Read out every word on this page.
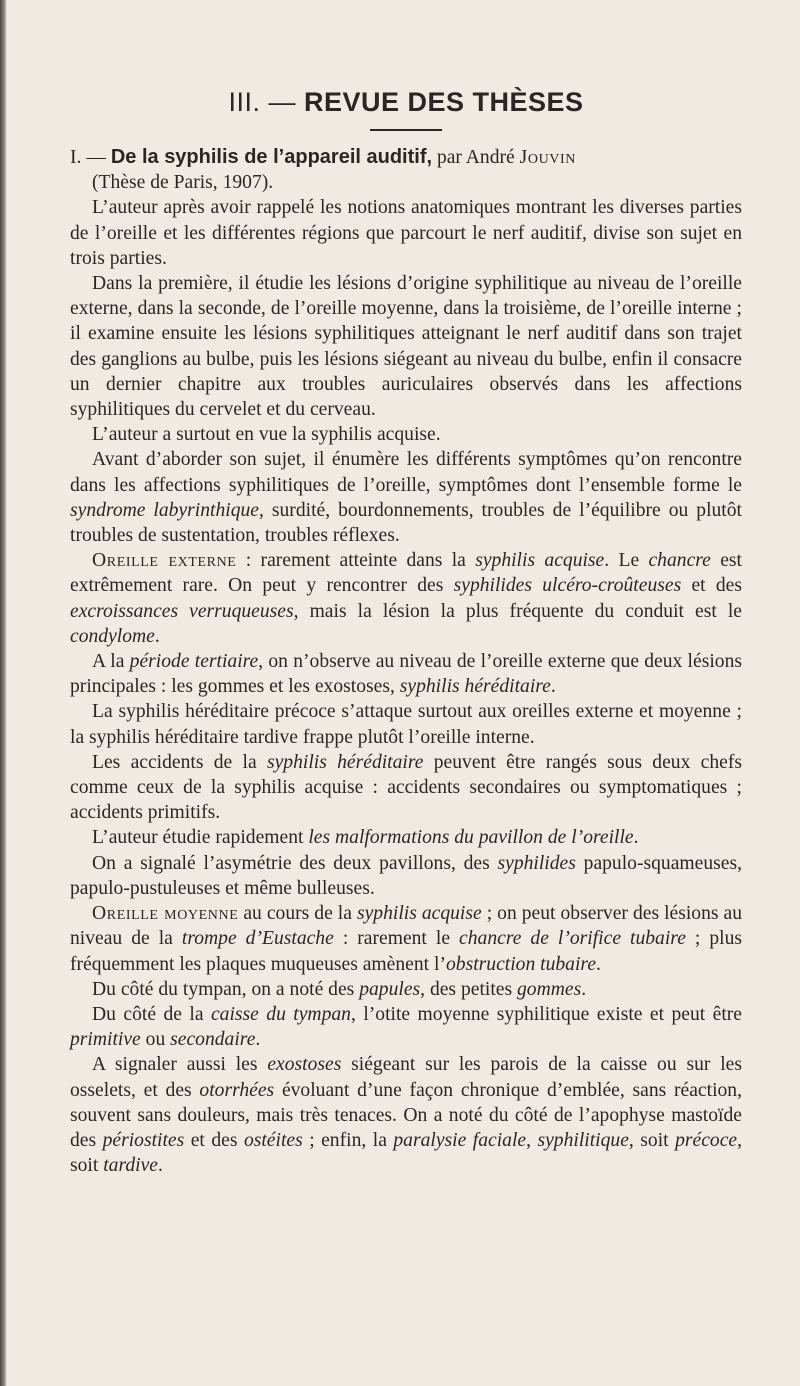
III. — REVUE DES THÈSES

I. — De la syphilis de l’appareil auditif, par André Jouvin

(Thèse de Paris, 1907).

L’auteur après avoir rappelé les notions anatomiques montrant les diverses parties de l’oreille et les différentes régions que parcourt le nerf auditif, divise son sujet en trois parties.

Dans la première, il étudie les lésions d’origine syphilitique au niveau de l’oreille externe, dans la seconde, de l’oreille moyenne, dans la troisième, de l’oreille interne ; il examine ensuite les lésions syphilitiques atteignant le nerf auditif dans son trajet des ganglions au bulbe, puis les lésions siégeant au niveau du bulbe, enfin il consacre un dernier chapitre aux troubles auriculaires observés dans les affections syphilitiques du cervelet et du cerveau.

L’auteur a surtout en vue la syphilis acquise.

Avant d’aborder son sujet, il énumère les différents symptômes qu’on rencontre dans les affections syphilitiques de l’oreille, symptômes dont l’ensemble forme le syndrome labyrinthique, surdité, bourdonnements, troubles de l’équilibre ou plutôt troubles de sustentation, troubles réflexes.

Oreille externe : rarement atteinte dans la syphilis acquise. Le chancre est extrêmement rare. On peut y rencontrer des syphilides ulcéro-croûteuses et des excroissances verruqueuses, mais la lésion la plus fréquente du conduit est le condylome.

A la période tertiaire, on n’observe au niveau de l’oreille externe que deux lésions principales : les gommes et les exostoses, syphilis héréditaire.

La syphilis héréditaire précoce s’attaque surtout aux oreilles externe et moyenne ; la syphilis héréditaire tardive frappe plutôt l’oreille interne.

Les accidents de la syphilis héréditaire peuvent être rangés sous deux chefs comme ceux de la syphilis acquise : accidents secondaires ou symptomatiques ; accidents primitifs.

L’auteur étudie rapidement les malformations du pavillon de l’oreille.

On a signalé l’asymétrie des deux pavillons, des syphilides papulo-squameuses, papulo-pustuleuses et même bulleuses.

Oreille moyenne au cours de la syphilis acquise ; on peut observer des lésions au niveau de la trompe d’Eustache : rarement le chancre de l’orifice tubaire ; plus fréquemment les plaques muqueuses amènent l’obstruction tubaire.

Du côté du tympan, on a noté des papules, des petites gommes.

Du côté de la caisse du tympan, l’otite moyenne syphilitique existe et peut être primitive ou secondaire.

A signaler aussi les exostoses siégeant sur les parois de la caisse ou sur les osselets, et des otorrhées évoluant d’une façon chronique d’emblée, sans réaction, souvent sans douleurs, mais très tenaces. On a noté du côté de l’apophyse mastoïde des périostites et des ostéites ; enfin, la paralysie faciale, syphilitique, soit précoce, soit tardive.
